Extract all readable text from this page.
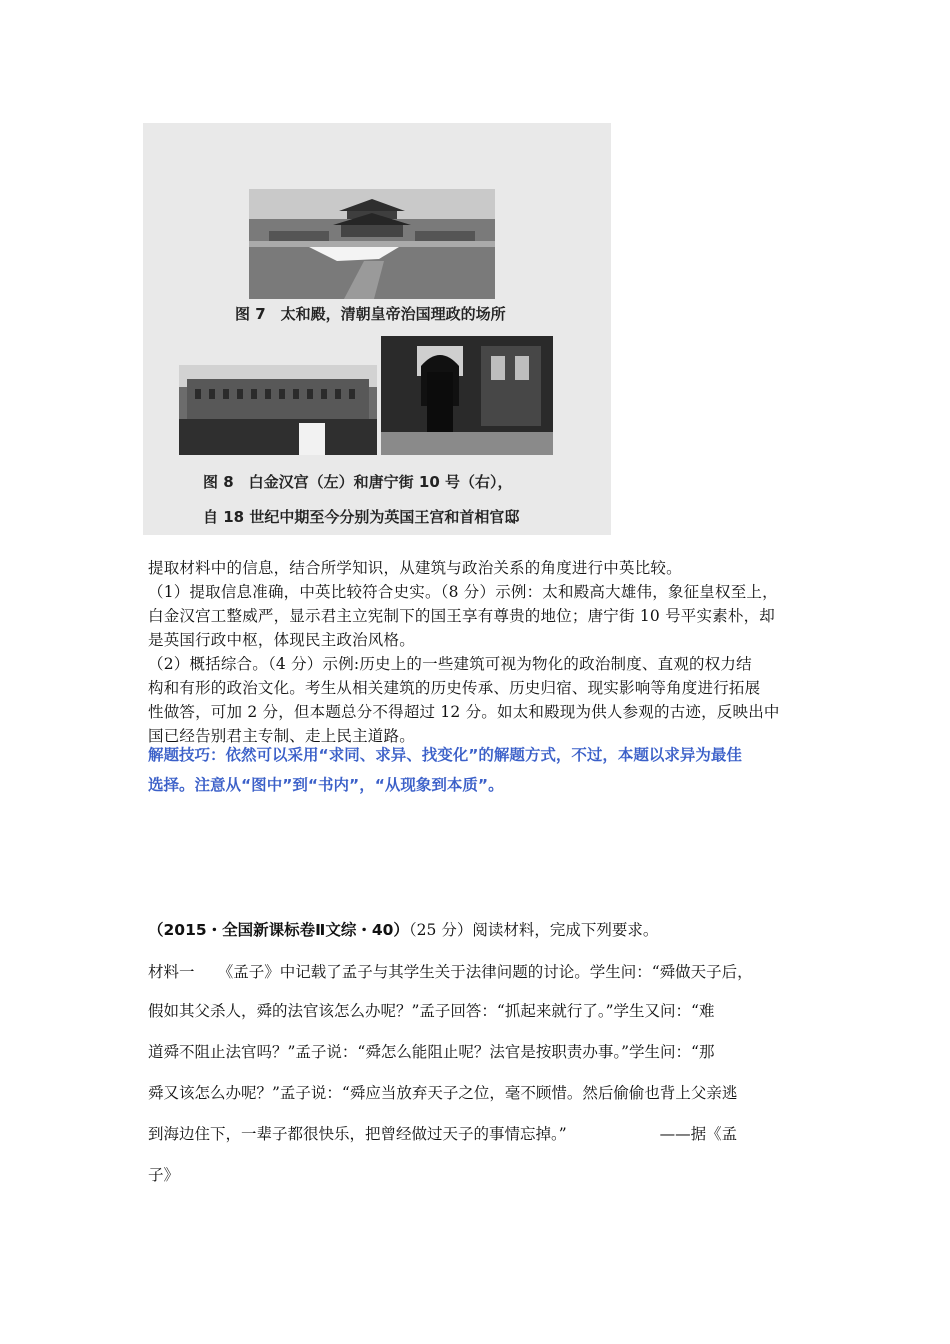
图 7　太和殿，清朝皇帝治国理政的场所
图 8　白金汉宫（左）和唐宁街 10 号（右），
自 18 世纪中期至今分别为英国王宫和首相官邸

提取材料中的信息，结合所学知识，从建筑与政治关系的角度进行中英比较。

（1）提取信息准确，中英比较符合史实。（8 分）示例：太和殿高大雄伟，象征皇权至上，

白金汉宫工整威严，显示君主立宪制下的国王享有尊贵的地位；唐宁街 10 号平实素朴，却

是英国行政中枢，体现民主政治风格。

（2）概括综合。（4 分）示例:历史上的一些建筑可视为物化的政治制度、直观的权力结

构和有形的政治文化。考生从相关建筑的历史传承、历史归宿、现实影响等角度进行拓展

性做答，可加 2 分，但本题总分不得超过 12 分。如太和殿现为供人参观的古迹，反映出中

国已经告别君主专制、走上民主道路。

解题技巧：依然可以采用“求同、求异、找变化”的解题方式，不过，本题以求异为最佳
选择。注意从“图中”到“书内”，“从现象到本质”。
（2015・全国新课标卷Ⅱ文综・40）（25 分）阅读材料，完成下列要求。
材料一　　《孟子》中记载了孟子与其学生关于法律问题的讨论。学生问：“舜做天子后，
假如其父杀人，舜的法官该怎么办呢？”孟子回答：“抓起来就行了。”学生又问：“难
道舜不阻止法官吗？”孟子说：“舜怎么能阻止呢？法官是按职责办事。”学生问：“那
舜又该怎么办呢？”孟子说：“舜应当放弃天子之位，毫不顾惜。然后偷偷也背上父亲逃
到海边住下，一辈子都很快乐，把曾经做过天子的事情忘掉。”　　　　　　——据《孟
子》
